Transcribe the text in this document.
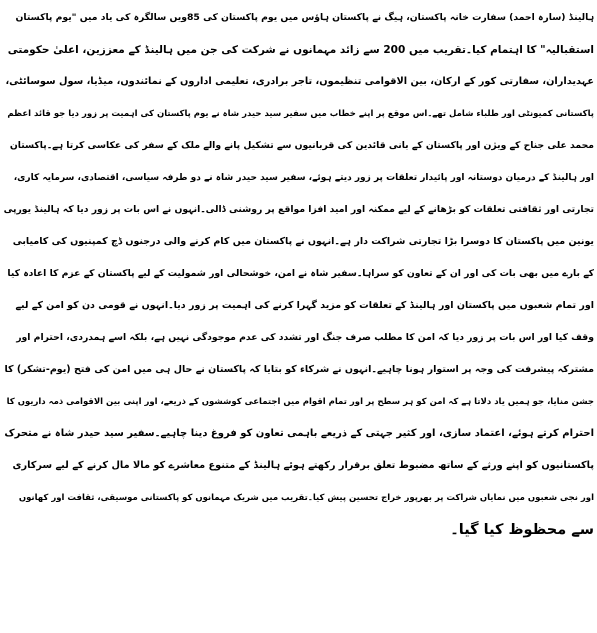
ہالینڈ (سارہ احمد) سفارت خانہ پاکستان، ہیگ نے پاکستان ہاؤس میں یوم پاکستان کی 85ویں سالگرہ کی یاد میں "یوم پاکستان
استقبالیہ" کا اہتمام کیا۔تقریب میں 200 سے زائد مہمانوں نے شرکت کی جن میں ہالینڈ کے معززین، اعلیٰ حکومتی
عہدیداران، سفارتی کور کے ارکان، بین الاقوامی تنظیموں، تاجر برادری، تعلیمی اداروں کے نمائندوں، میڈیا، سول سوسائٹی،
پاکستانی کمیونٹی اور طلباء شامل تھے۔اس موقع پر اپنے خطاب میں سفیر سید حیدر شاہ نے یوم پاکستان کی اہمیت پر زور دیا جو قائد اعظم
محمد علی جناح کے ویژن اور پاکستان کے بانی قائدین کی قربانیوں سے تشکیل پانے والے ملک کے سفر کی عکاسی کرتا ہے۔پاکستان
اور ہالینڈ کے درمیان دوستانہ اور پائیدار تعلقات پر زور دیتے ہوئے، سفیر سید حیدر شاہ نے دو طرفہ سیاسی، اقتصادی، سرمایہ کاری،
تجارتی اور ثقافتی تعلقات کو بڑھانے کے لیے ممکنہ اور امید افزا مواقع پر روشنی ڈالی۔انہوں نے اس بات پر زور دیا کہ ہالینڈ یورپی
یونین میں پاکستان کا دوسرا بڑا تجارتی شراکت دار ہے۔انہوں نے پاکستان میں کام کرنے والی درجنوں ڈچ کمپنیوں کی کامیابی
کے بارے میں بھی بات کی اور ان کے تعاون کو سراہا۔سفیر شاہ نے امن، خوشحالی اور شمولیت کے لیے پاکستان کے عزم کا اعادہ کیا
اور تمام شعبوں میں پاکستان اور ہالینڈ کے تعلقات کو مزید گہرا کرنے کی اہمیت پر زور دیا۔انہوں نے قومی دن کو امن کے لیے
وقف کیا اور اس بات پر زور دیا کہ امن کا مطلب صرف جنگ اور تشدد کی عدم موجودگی نہیں ہے، بلکہ اسے ہمدردی، احترام اور
مشترکہ پیشرفت کی وجہ پر استوار ہونا چاہیے۔انہوں نے شرکاء کو بتایا کہ پاکستان نے حال ہی میں امن کی فتح (یوم-تشکر) کا
جشن منایا، جو ہمیں یاد دلاتا ہے کہ امن کو ہر سطح پر اور تمام اقوام میں اجتماعی کوششوں کے ذریعے، اور اپنی بین الاقوامی ذمہ داریوں کا
احترام کرتے ہوئے، اعتماد سازی، اور کثیر جہتی کے ذریعے باہمی تعاون کو فروغ دینا چاہیے۔سفیر سید حیدر شاہ نے متحرک
پاکستانیوں کو اپنے ورثے کے ساتھ مضبوط تعلق برقرار رکھتے ہوئے ہالینڈ کے متنوع معاشرے کو مالا مال کرنے کے لیے سرکاری
اور نجی شعبوں میں نمایاں شراکت پر بھرپور خراج تحسین پیش کیا۔تقریب میں شریک مہمانوں کو پاکستانی موسیقی، ثقافت اور کھانوں
سے محظوظ کیا گیا۔
